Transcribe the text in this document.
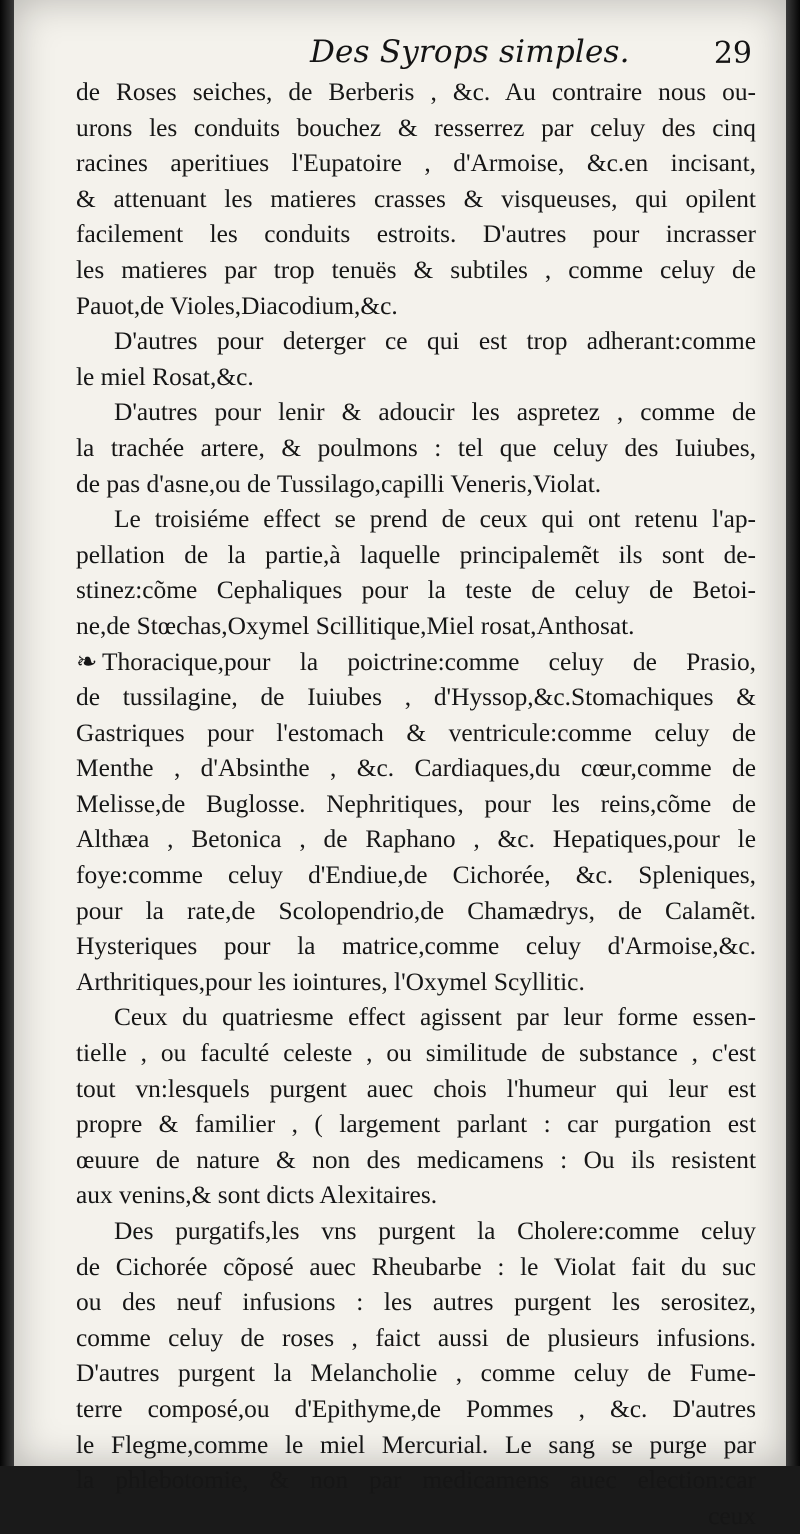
Des Syrops simples.	29
de Roses seiches, de Berberis , &c. Au contraire nous ou-
urons les conduits bouchez & resserrez par celuy des cinq
racines aperitiues l'Eupatoire , d'Armoise, &c.en incisant,
& attenuant les matieres crasses & visqueuses, qui opilent
facilement les conduits estroits. D'autres pour incrasser
les matieres par trop tenuës & subtiles , comme celuy de
Pauot,de Violes,Diacodium,&c.
D'autres pour deterger ce qui est trop adherant:comme
le miel Rosat,&c.
D'autres pour lenir & adoucir les aspretez , comme de
la trachée artere, & poulmons : tel que celuy des Iuiubes,
de pas d'asne,ou de Tussilago,capilli Veneris,Violat.
Le troisiéme effect se prend de ceux qui ont retenu l'ap-
pellation de la partie,à laquelle principalemẽt ils sont de-
stinez:cõme Cephaliques pour la teste de celuy de Betoi-
ne,de Stœchas,Oxymel Scillitique,Miel rosat,Anthosat.
❧ Thoracique,pour la poictrine:comme celuy de Prasio,
de tussilagine, de Iuiubes , d'Hyssop,&c.Stomachiques &
Gastriques pour l'estomach & ventricule:comme celuy de
Menthe , d'Absinthe , &c. Cardiaques,du cœur,comme de
Melisse,de Buglosse. Nephritiques, pour les reins,cõme de
Althæa , Betonica , de Raphano , &c. Hepatiques,pour le
foye:comme celuy d'Endiue,de Cichorée, &c. Spleniques,
pour la rate,de Scolopendrio,de Chamædrys, de Calamẽt.
Hysteriques pour la matrice,comme celuy d'Armoise,&c.
Arthritiques,pour les iointures, l'Oxymel Scyllitic.
Ceux du quatriesme effect agissent par leur forme essen-
tielle , ou faculté celeste , ou similitude de substance , c'est
tout vn:lesquels purgent auec chois l'humeur qui leur est
propre & familier , ( largement parlant : car purgation est
œuure de nature & non des medicamens : Ou ils resistent
aux venins,& sont dicts Alexitaires.
Des purgatifs,les vns purgent la Cholere:comme celuy
de Cichorée cõposé auec Rheubarbe : le Violat fait du suc
ou des neuf infusions : les autres purgent les serositez,
comme celuy de roses , faict aussi de plusieurs infusions.
D'autres purgent la Melancholie , comme celuy de Fume-
terre composé,ou d'Epithyme,de Pommes , &c. D'autres
le Flegme,comme le miel Mercurial. Le sang se purge par
la phlebotomie, & non par medicamens auec election:car
ceux
